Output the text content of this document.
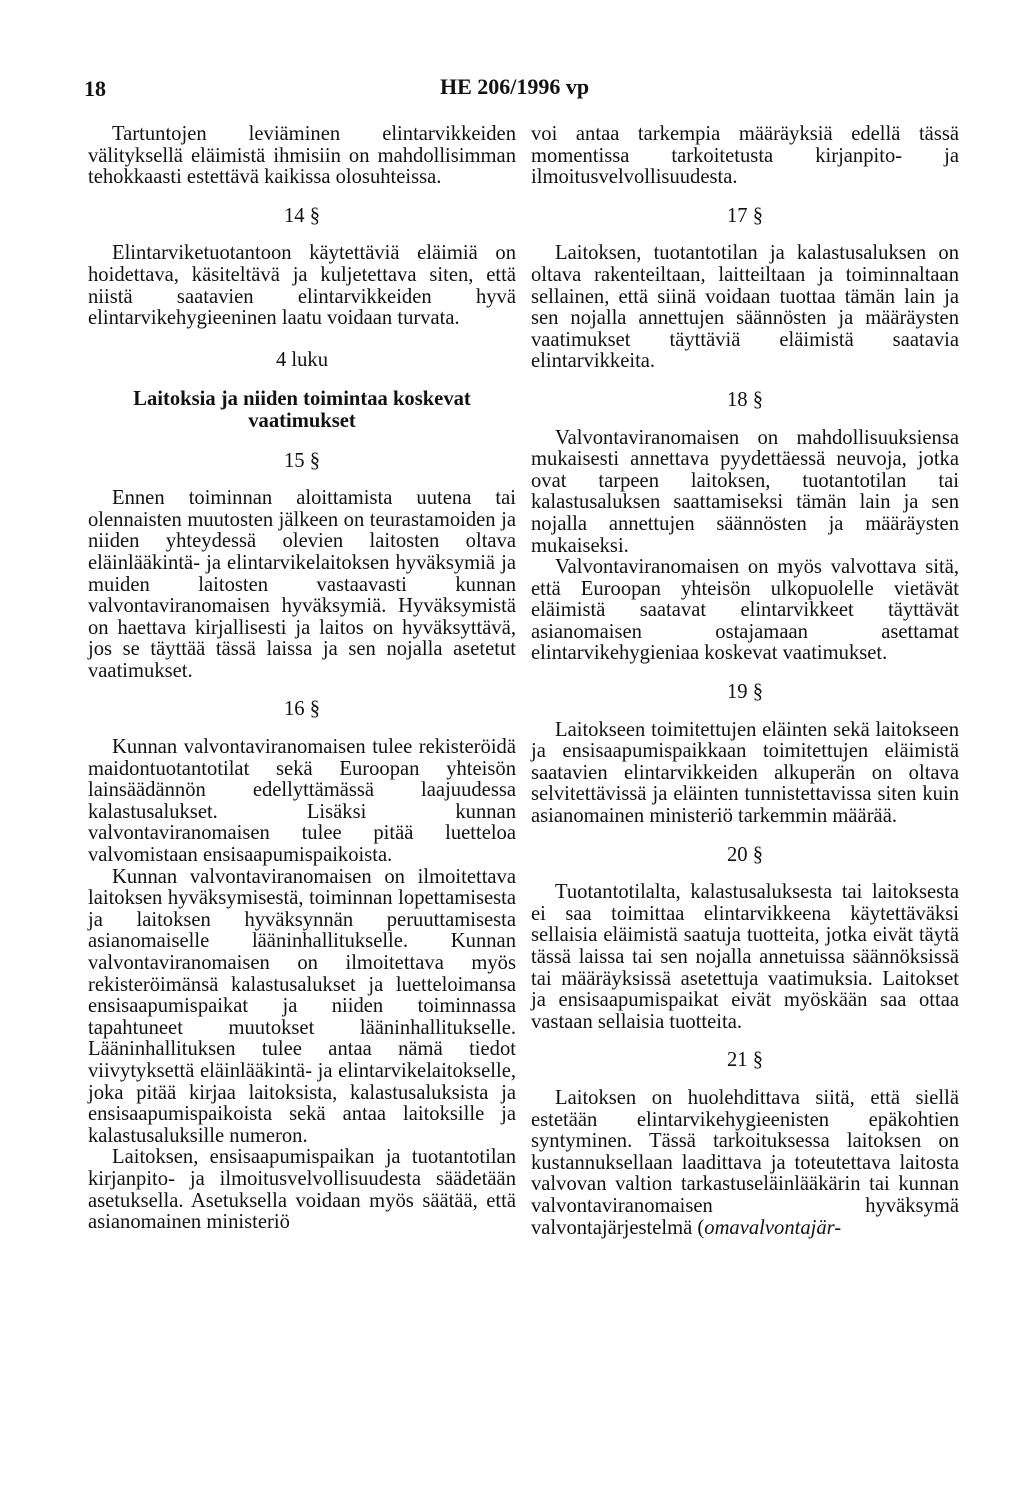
18	HE 206/1996 vp

Tartuntojen leviäminen elintarvikkeiden välityksellä eläimistä ihmisiin on mahdollisimman tehokkaasti estettävä kaikissa olosuhteissa.

14 §

Elintarviketuotantoon käytettäviä eläimiä on hoidettava, käsiteltävä ja kuljetettava siten, että niistä saatavien elintarvikkeiden hyvä elintarvikehygieeninen laatu voidaan turvata.

4 luku
Laitoksia ja niiden toimintaa koskevat vaatimukset
15 §

Ennen toiminnan aloittamista uutena tai olennaisten muutosten jälkeen on teurastamoiden ja niiden yhteydessä olevien laitosten oltava eläinlääkintä- ja elintarvikelaitoksen hyväksymiä ja muiden laitosten vastaavasti kunnan valvontaviranomaisen hyväksymiä. Hyväksymistä on haettava kirjallisesti ja laitos on hyväksyttävä, jos se täyttää tässä laissa ja sen nojalla asetetut vaatimukset.

16 §

Kunnan valvontaviranomaisen tulee rekisteröidä maidontuotantotilat sekä Euroopan yhteisön lainsäädännön edellyttämässä laajuudessa kalastusalukset. Lisäksi kunnan valvontaviranomaisen tulee pitää luetteloa valvomistaan ensisaapumispaikoista.

Kunnan valvontaviranomaisen on ilmoitettava laitoksen hyväksymisestä, toiminnan lopettamisesta ja laitoksen hyväksynnän peruuttamisesta asianomaiselle lääninhallitukselle. Kunnan valvontaviranomaisen on ilmoitettava myös rekisteröimänsä kalastusalukset ja luetteloimansa ensisaapumispaikat ja niiden toiminnassa tapahtuneet muutokset lääninhallitukselle. Lääninhallituksen tulee antaa nämä tiedot viivytyksettä eläinlääkintä- ja elintarvikelaitokselle, joka pitää kirjaa laitoksista, kalastusaluksista ja ensisaapumispaikoista sekä antaa laitoksille ja kalastusaluksille numeron.

Laitoksen, ensisaapumispaikan ja tuotantotilan kirjanpito- ja ilmoitusvelvollisuudesta säädetään asetuksella. Asetuksella voidaan myös säätää, että asianomainen ministeriö

voi antaa tarkempia määräyksiä edellä tässä momentissa tarkoitetusta kirjanpito- ja ilmoitusvelvollisuudesta.

17 §

Laitoksen, tuotantotilan ja kalastusaluksen on oltava rakenteiltaan, laitteiltaan ja toiminnaltaan sellainen, että siinä voidaan tuottaa tämän lain ja sen nojalla annettujen säännösten ja määräysten vaatimukset täyttäviä eläimistä saatavia elintarvikkeita.

18 §

Valvontaviranomaisen on mahdollisuuksiensa mukaisesti annettava pyydettäessä neuvoja, jotka ovat tarpeen laitoksen, tuotantotilan tai kalastusaluksen saattamiseksi tämän lain ja sen nojalla annettujen säännösten ja määräysten mukaiseksi.

Valvontaviranomaisen on myös valvottava sitä, että Euroopan yhteisön ulkopuolelle vietävät eläimistä saatavat elintarvikkeet täyttävät asianomaisen ostajamaan asettamat elintarvikehygieniaa koskevat vaatimukset.

19 §

Laitokseen toimitettujen eläinten sekä laitokseen ja ensisaapumispaikkaan toimitettujen eläimistä saatavien elintarvikkeiden alkuperän on oltava selvitettävissä ja eläinten tunnistettavissa siten kuin asianomainen ministeriö tarkemmin määrää.

20 §

Tuotantotilalta, kalastusaluksesta tai laitoksesta ei saa toimittaa elintarvikkeena käytettäväksi sellaisia eläimistä saatuja tuotteita, jotka eivät täytä tässä laissa tai sen nojalla annetuissa säännöksissä tai määräyksissä asetettuja vaatimuksia. Laitokset ja ensisaapumispaikat eivät myöskään saa ottaa vastaan sellaisia tuotteita.

21 §

Laitoksen on huolehdittava siitä, että siellä estetään elintarvikehygieenisten epäkohtien syntyminen. Tässä tarkoituksessa laitoksen on kustannuksellaan laadittava ja toteutettava laitosta valvovan valtion tarkastuseläinlääkärin tai kunnan valvontaviranomaisen hyväksymä valvontajärjestelmä (omavalvontajär-
